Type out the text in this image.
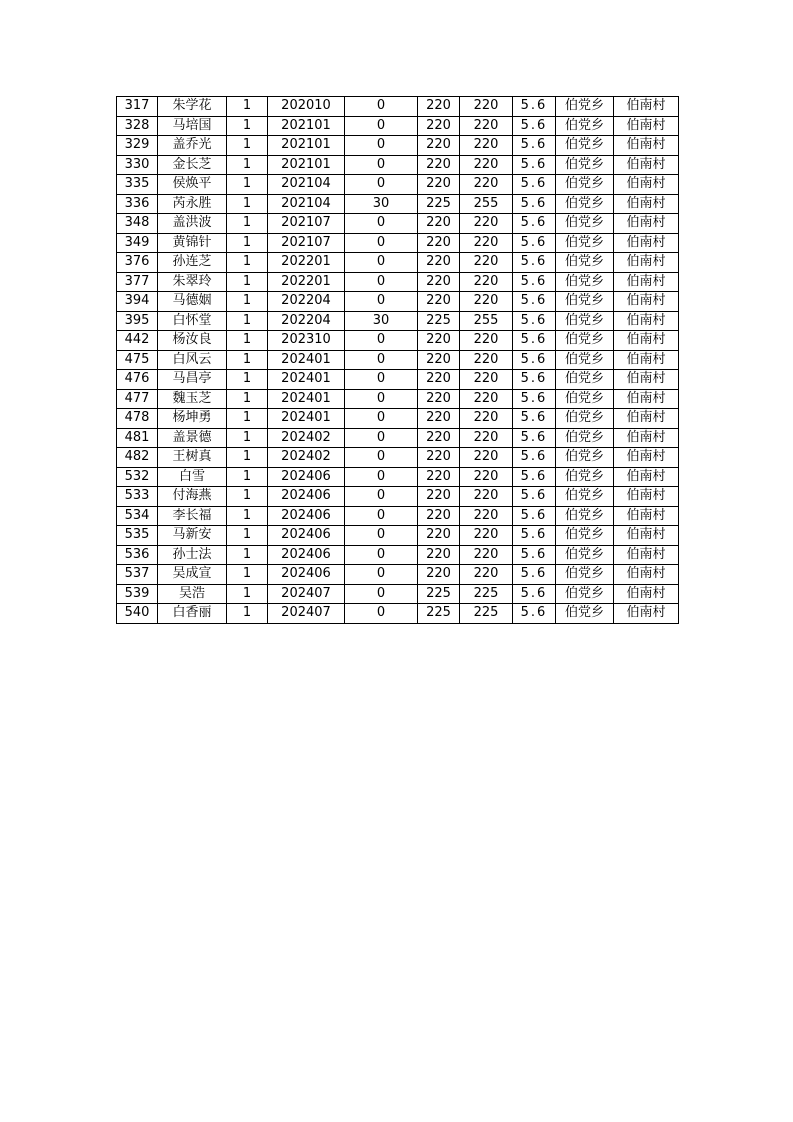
317	朱学花	1	202010	0	220	220	5.6	伯党乡	伯南村
328	马培国	1	202101	0	220	220	5.6	伯党乡	伯南村
329	盖乔光	1	202101	0	220	220	5.6	伯党乡	伯南村
330	金长芝	1	202101	0	220	220	5.6	伯党乡	伯南村
335	侯焕平	1	202104	0	220	220	5.6	伯党乡	伯南村
336	芮永胜	1	202104	30	225	255	5.6	伯党乡	伯南村
348	盖洪波	1	202107	0	220	220	5.6	伯党乡	伯南村
349	黄锦针	1	202107	0	220	220	5.6	伯党乡	伯南村
376	孙连芝	1	202201	0	220	220	5.6	伯党乡	伯南村
377	朱翠玲	1	202201	0	220	220	5.6	伯党乡	伯南村
394	马德姻	1	202204	0	220	220	5.6	伯党乡	伯南村
395	白怀堂	1	202204	30	225	255	5.6	伯党乡	伯南村
442	杨汝良	1	202310	0	220	220	5.6	伯党乡	伯南村
475	白风云	1	202401	0	220	220	5.6	伯党乡	伯南村
476	马昌亭	1	202401	0	220	220	5.6	伯党乡	伯南村
477	魏玉芝	1	202401	0	220	220	5.6	伯党乡	伯南村
478	杨坤勇	1	202401	0	220	220	5.6	伯党乡	伯南村
481	盖景德	1	202402	0	220	220	5.6	伯党乡	伯南村
482	王树真	1	202402	0	220	220	5.6	伯党乡	伯南村
532	白雪	1	202406	0	220	220	5.6	伯党乡	伯南村
533	付海燕	1	202406	0	220	220	5.6	伯党乡	伯南村
534	李长福	1	202406	0	220	220	5.6	伯党乡	伯南村
535	马新安	1	202406	0	220	220	5.6	伯党乡	伯南村
536	孙士法	1	202406	0	220	220	5.6	伯党乡	伯南村
537	吴成宣	1	202406	0	220	220	5.6	伯党乡	伯南村
539	吴浩	1	202407	0	225	225	5.6	伯党乡	伯南村
540	白香丽	1	202407	0	225	225	5.6	伯党乡	伯南村
